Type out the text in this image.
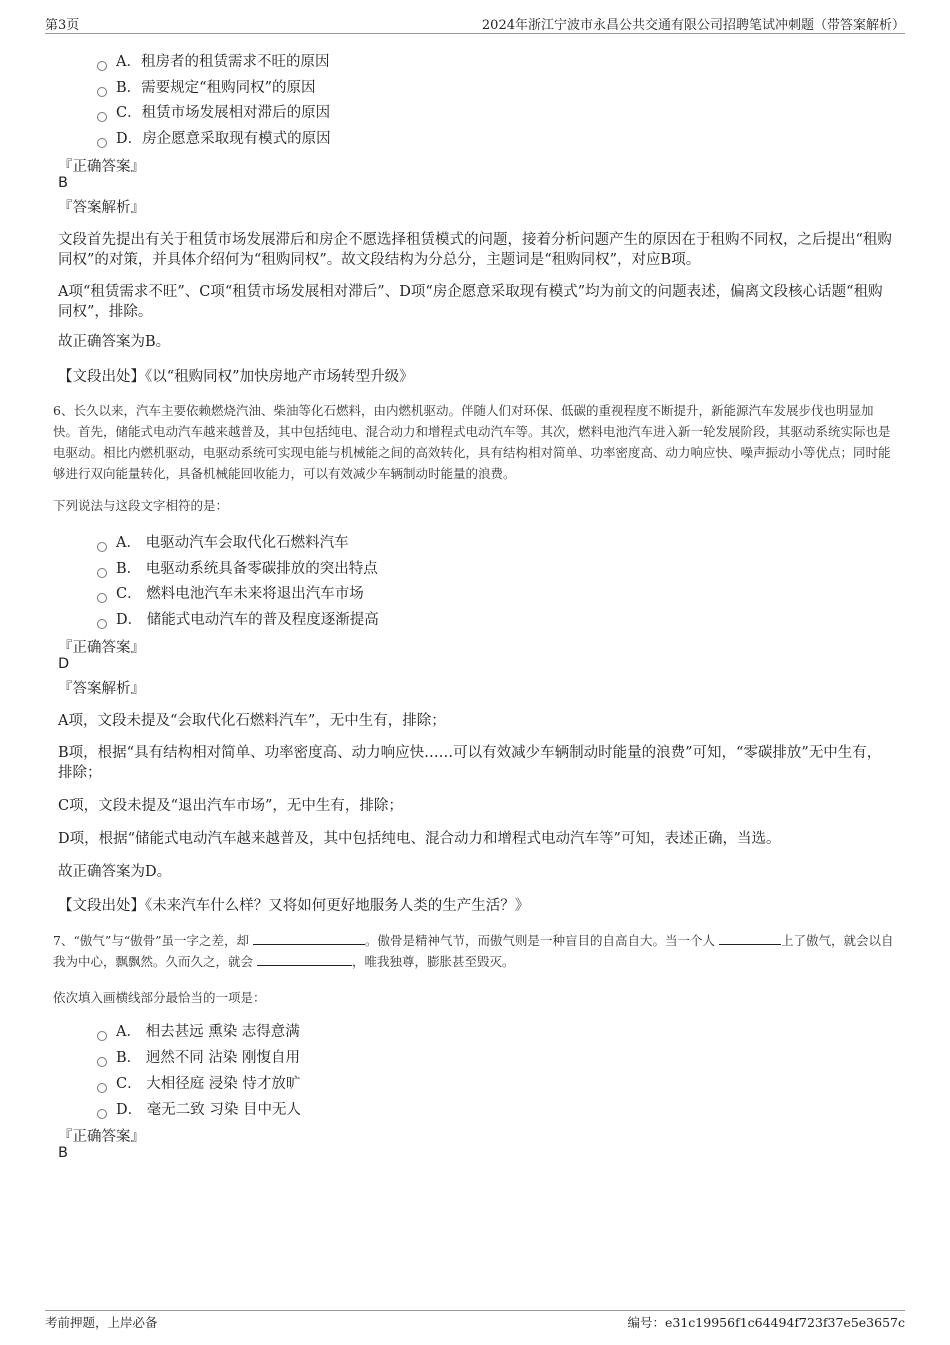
第3页	2024年浙江宁波市永昌公共交通有限公司招聘笔试冲刺题（带答案解析）
A．租房者的租赁需求不旺的原因
B．需要规定“租购同权”的原因
C．租赁市场发展相对滞后的原因
D．房企愿意采取现有模式的原因
『正确答案』
B
『答案解析』
文段首先提出有关于租赁市场发展滞后和房企不愿选择租赁模式的问题，接着分析问题产生的原因在于租购不同权，之后提出“租购同权”的对策，并具体介绍何为“租购同权”。故文段结构为分总分，主题词是“租购同权”，对应B项。
A项“租赁需求不旺”、C项“租赁市场发展相对滞后”、D项“房企愿意采取现有模式”均为前文的问题表述，偏离文段核心话题“租购同权”，排除。
故正确答案为B。
【文段出处】《以“租购同权”加快房地产市场转型升级》
6、长久以来，汽车主要依赖燃烧汽油、柴油等化石燃料，由内燃机驱动。伴随人们对环保、低碳的重视程度不断提升，新能源汽车发展步伐也明显加快。首先，储能式电动汽车越来越普及，其中包括纯电、混合动力和增程式电动汽车等。其次，燃料电池汽车进入新一轮发展阶段，其驱动系统实际也是电驱动。相比内燃机驱动，电驱动系统可实现电能与机械能之间的高效转化，具有结构相对简单、功率密度高、动力响应快、噪声振动小等优点；同时能够进行双向能量转化，具备机械能回收能力，可以有效减少车辆制动时能量的浪费。
下列说法与这段文字相符的是：
A． 电驱动汽车会取代化石燃料汽车
B． 电驱动系统具备零碳排放的突出特点
C． 燃料电池汽车未来将退出汽车市场
D． 储能式电动汽车的普及程度逐渐提高
『正确答案』
D
『答案解析』
A项，文段未提及“会取代化石燃料汽车”，无中生有，排除；
B项，根据“具有结构相对简单、功率密度高、动力响应快……可以有效减少车辆制动时能量的浪费”可知，“零碳排放”无中生有，排除；
C项，文段未提及“退出汽车市场”，无中生有，排除；
D项，根据“储能式电动汽车越来越普及，其中包括纯电、混合动力和增程式电动汽车等”可知，表述正确，当选。
故正确答案为D。
【文段出处】《未来汽车什么样？又将如何更好地服务人类的生产生活？》
7、“傲气”与“傲骨”虽一字之差，却	。傲骨是精神气节，而傲气则是一种盲目的自高自大。当一个人	上了傲气，就会以自我为中心，飘飘然。久而久之，就会	，唯我独尊，膨胀甚至毁灭。
依次填入画横线部分最恰当的一项是：
A． 相去甚远 熏染 志得意满
B． 迥然不同 沾染 刚愎自用
C． 大相径庭 浸染 恃才放旷
D． 毫无二致 习染 目中无人
『正确答案』
B
考前押题，上岸必备	编号：e31c19956f1c64494f723f37e5e3657c
